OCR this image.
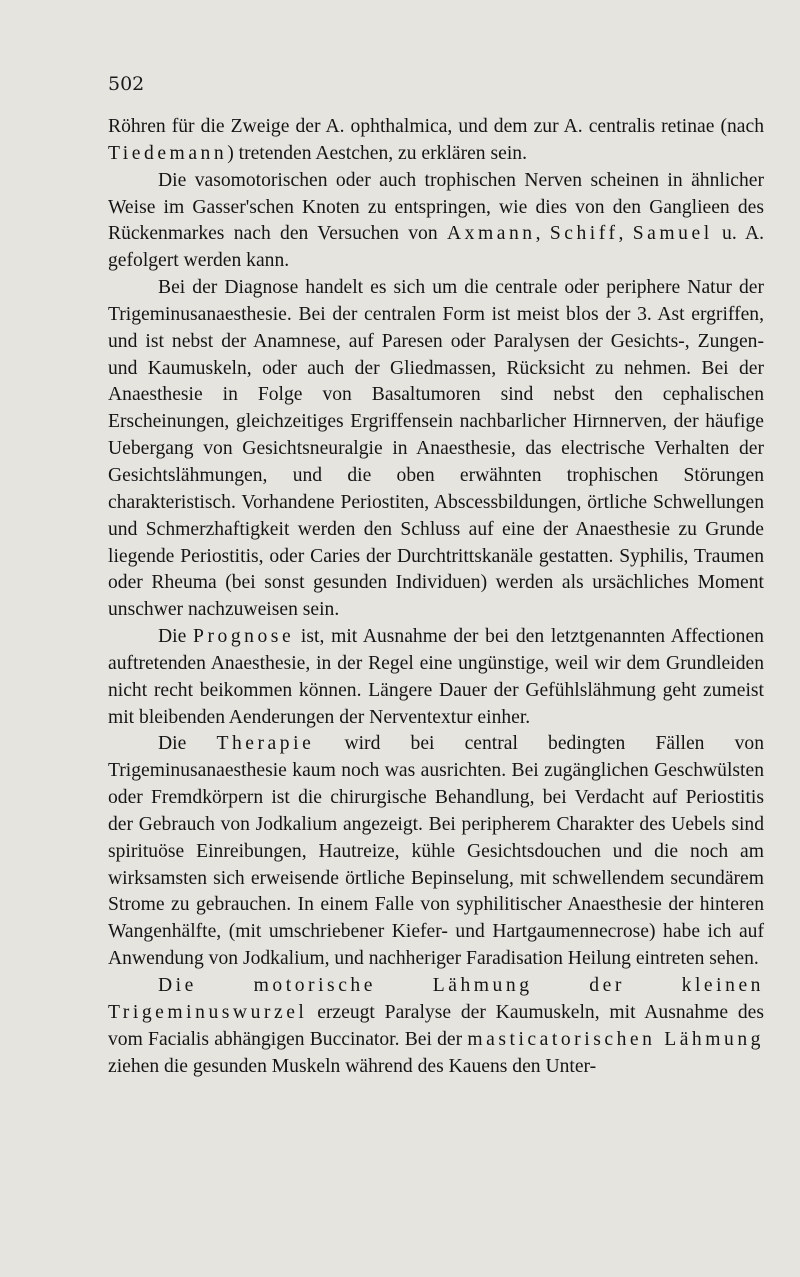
502

Röhren für die Zweige der A. ophthalmica, und dem zur A. centralis retinae (nach Tiedemann) tretenden Aestchen, zu erklären sein.

Die vasomotorischen oder auch trophischen Nerven scheinen in ähnlicher Weise im Gasser'schen Knoten zu entspringen, wie dies von den Ganglieen des Rückenmarkes nach den Versuchen von Axmann, Schiff, Samuel u. A. gefolgert werden kann.

Bei der Diagnose handelt es sich um die centrale oder periphere Natur der Trigeminusanaesthesie. Bei der centralen Form ist meist blos der 3. Ast ergriffen, und ist nebst der Anamnese, auf Paresen oder Paralysen der Gesichts-, Zungen- und Kaumuskeln, oder auch der Gliedmassen, Rücksicht zu nehmen. Bei der Anaesthesie in Folge von Basaltumoren sind nebst den cephalischen Erscheinungen, gleichzeitiges Ergriffensein nachbarlicher Hirnnerven, der häufige Uebergang von Gesichtsneuralgie in Anaesthesie, das electrische Verhalten der Gesichtslähmungen, und die oben erwähnten trophischen Störungen charakteristisch. Vorhandene Periostiten, Abscessbildungen, örtliche Schwellungen und Schmerzhaftigkeit werden den Schluss auf eine der Anaesthesie zu Grunde liegende Periostitis, oder Caries der Durchtrittskanäle gestatten. Syphilis, Traumen oder Rheuma (bei sonst gesunden Individuen) werden als ursächliches Moment unschwer nachzuweisen sein.

Die Prognose ist, mit Ausnahme der bei den letztgenannten Affectionen auftretenden Anaesthesie, in der Regel eine ungünstige, weil wir dem Grundleiden nicht recht beikommen können. Längere Dauer der Gefühlslähmung geht zumeist mit bleibenden Aenderungen der Nerventextur einher.

Die Therapie wird bei central bedingten Fällen von Trigeminusanaesthesie kaum noch was ausrichten. Bei zugänglichen Geschwülsten oder Fremdkörpern ist die chirurgische Behandlung, bei Verdacht auf Periostitis der Gebrauch von Jodkalium angezeigt. Bei peripherem Charakter des Uebels sind spirituöse Einreibungen, Hautreize, kühle Gesichtsdouchen und die noch am wirksamsten sich erweisende örtliche Bepinselung, mit schwellendem secundärem Strome zu gebrauchen. In einem Falle von syphilitischer Anaesthesie der hinteren Wangenhälfte, (mit umschriebener Kiefer- und Hartgaumennecrose) habe ich auf Anwendung von Jodkalium, und nachheriger Faradisation Heilung eintreten sehen.

Die motorische Lähmung der kleinen Trigeminuswurzel erzeugt Paralyse der Kaumuskeln, mit Ausnahme des vom Facialis abhängigen Buccinator. Bei der masticatorischen Lähmung ziehen die gesunden Muskeln während des Kauens den Unter-
